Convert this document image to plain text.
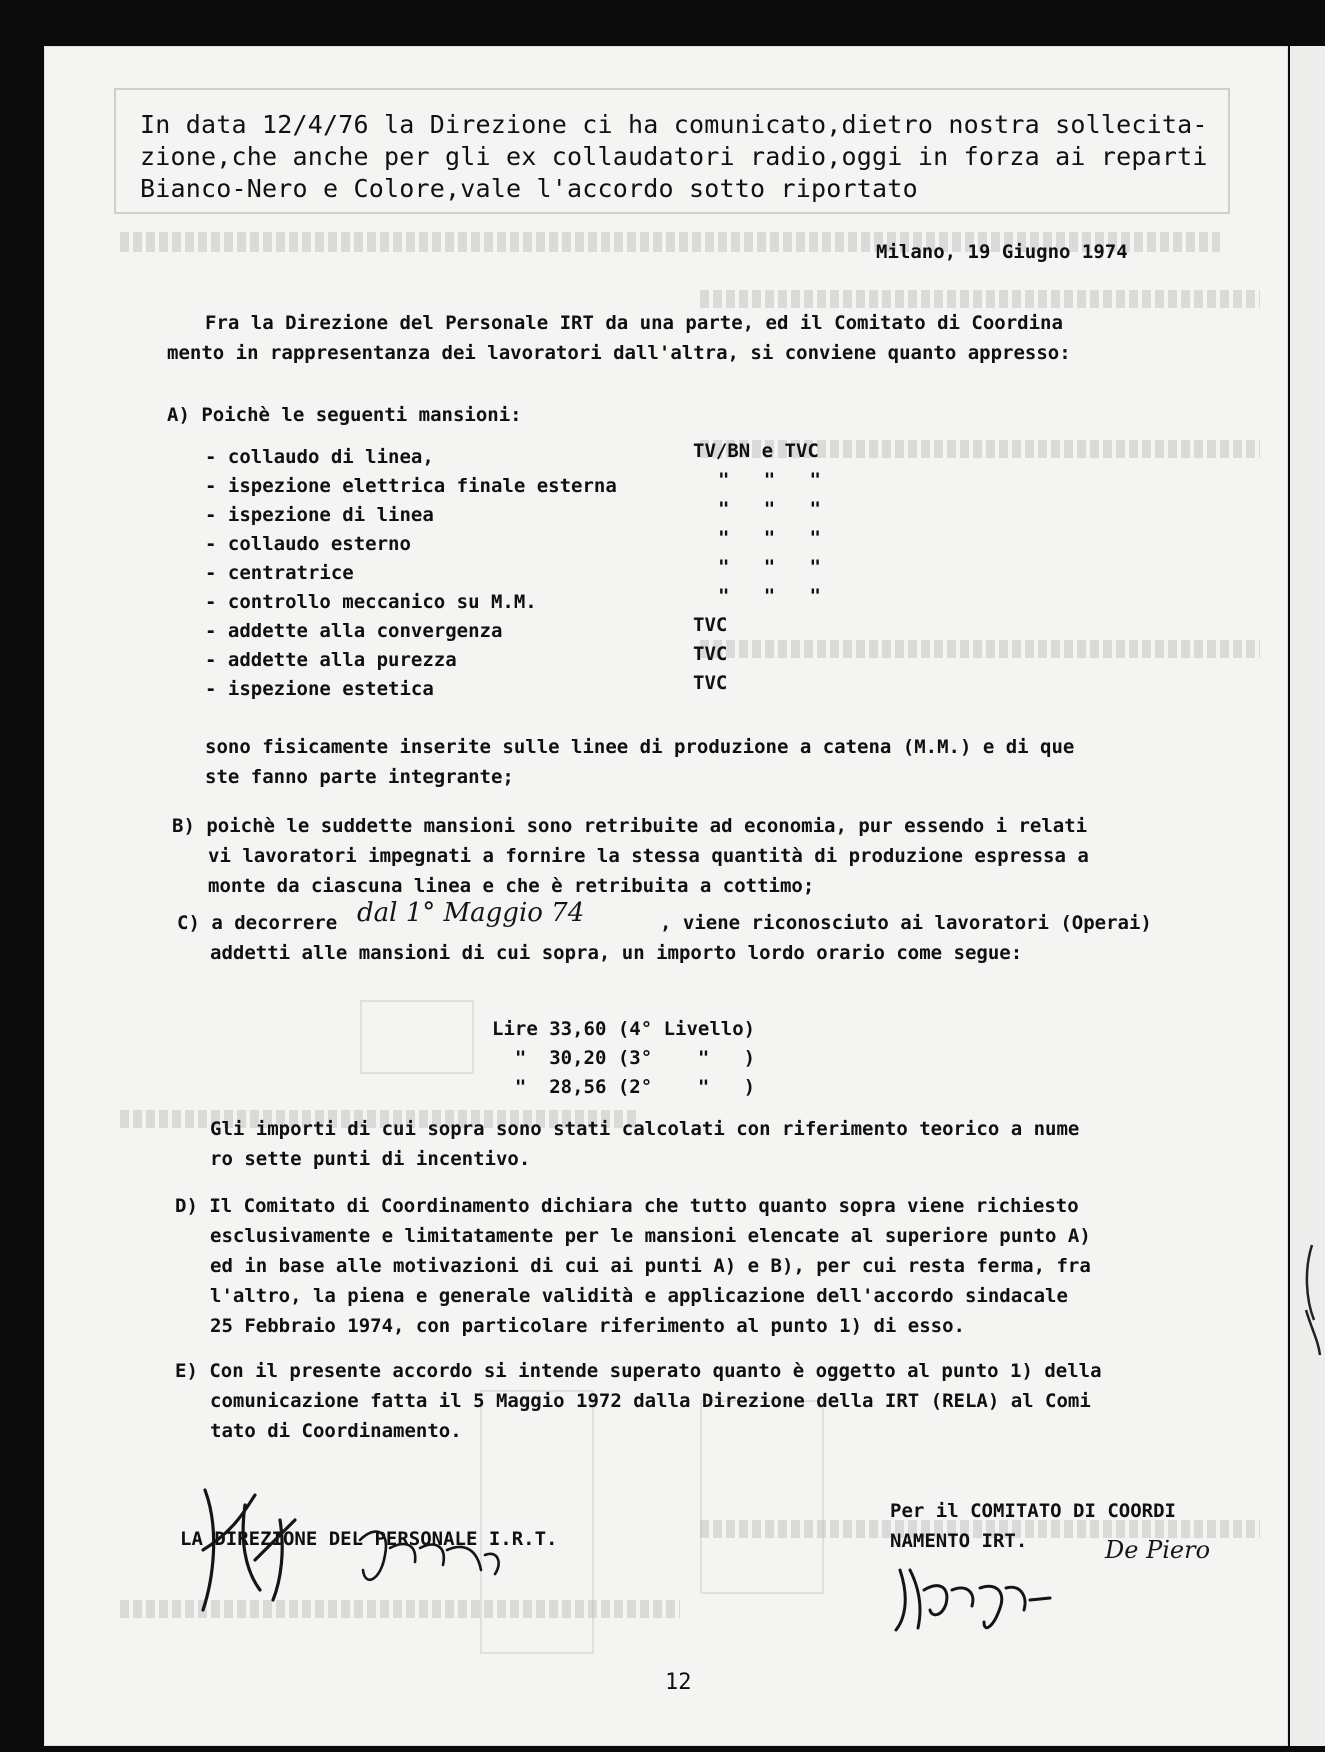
In data 12/4/76 la Direzione ci ha comunicato,dietro nostra sollecita-
zione,che anche per gli ex collaudatori radio,oggi in forza ai reparti
Bianco-Nero e Colore,vale l'accordo sotto riportato
Milano, 19 Giugno 1974
Fra la Direzione del Personale IRT da una parte, ed il Comitato di Coordina
mento in rappresentanza dei lavoratori dall'altra, si conviene quanto appresso:
A) Poichè le seguenti mansioni:
- collaudo di linea,	TV/BN e TVC
- ispezione elettrica finale esterna	"   "   "
- ispezione di linea	"   "   "
- collaudo esterno	"   "   "
- centratrice	"   "   "
- controllo meccanico su M.M.	"   "   "
- addette alla convergenza	TVC
- addette alla purezza	TVC
- ispezione estetica	TVC
sono fisicamente inserite sulle linee di produzione a catena (M.M.) e di que
ste fanno parte integrante;
B) poichè le suddette mansioni sono retribuite ad economia, pur essendo i relati
vi lavoratori impegnati a fornire la stessa quantità di produzione espressa a
monte da ciascuna linea e che è retribuita a cottimo;
C) a decorrere dal 1° Maggio 74	, viene riconosciuto ai lavoratori (Operai)
addetti alle mansioni di cui sopra, un importo lordo orario come segue:
Lire 33,60 (4° Livello)
"  30,20 (3°    "   )
"  28,56 (2°    "   )
Gli importi di cui sopra sono stati calcolati con riferimento teorico a nume
ro sette punti di incentivo.
D) Il Comitato di Coordinamento dichiara che tutto quanto sopra viene richiesto
esclusivamente e limitatamente per le mansioni elencate al superiore punto A)
ed in base alle motivazioni di cui ai punti A) e B), per cui resta ferma, fra
l'altro, la piena e generale validità e applicazione dell'accordo sindacale
25 Febbraio 1974, con particolare riferimento al punto 1) di esso.
E) Con il presente accordo si intende superato quanto è oggetto al punto 1) della
comunicazione fatta il 5 Maggio 1972 dalla Direzione della IRT (RELA) al Comi
tato di Coordinamento.
Per il COMITATO DI COORDI
NAMENTO IRT.
LA DIREZIONE DEL PERSONALE I.R.T.	De Piero
12
